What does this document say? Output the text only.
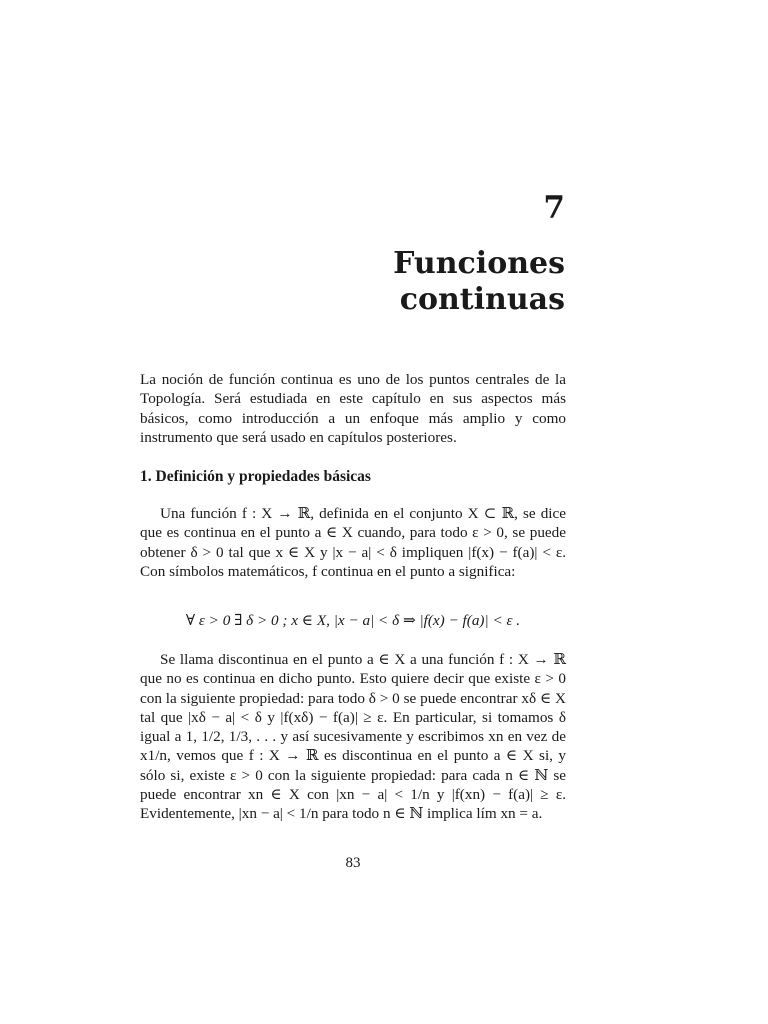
7
Funciones
continuas

La noción de función continua es uno de los puntos centrales de la Topología. Será estudiada en este capítulo en sus aspectos más básicos, como introducción a un enfoque más amplio y como instrumento que será usado en capítulos posteriores.

1. Definición y propiedades básicas

Una función f : X → ℝ, definida en el conjunto X ⊂ ℝ, se dice que es continua en el punto a ∈ X cuando, para todo ε > 0, se puede obtener δ > 0 tal que x ∈ X y |x − a| < δ impliquen |f(x) − f(a)| < ε. Con símbolos matemáticos, f continua en el punto a significa:

∀ ε > 0 ∃ δ > 0 ; x ∈ X, |x − a| < δ ⇒ |f(x) − f(a)| < ε .

Se llama discontinua en el punto a ∈ X a una función f : X → ℝ que no es continua en dicho punto. Esto quiere decir que existe ε > 0 con la siguiente propiedad: para todo δ > 0 se puede encontrar xδ ∈ X tal que |xδ − a| < δ y |f(xδ) − f(a)| ≥ ε. En particular, si tomamos δ igual a 1, 1/2, 1/3, . . . y así sucesivamente y escribimos xn en vez de x1/n, vemos que f : X → ℝ es discontinua en el punto a ∈ X si, y sólo si, existe ε > 0 con la siguiente propiedad: para cada n ∈ ℕ se puede encontrar xn ∈ X con |xn − a| < 1/n y |f(xn) − f(a)| ≥ ε. Evidentemente, |xn − a| < 1/n para todo n ∈ ℕ implica lím xn = a.

83
